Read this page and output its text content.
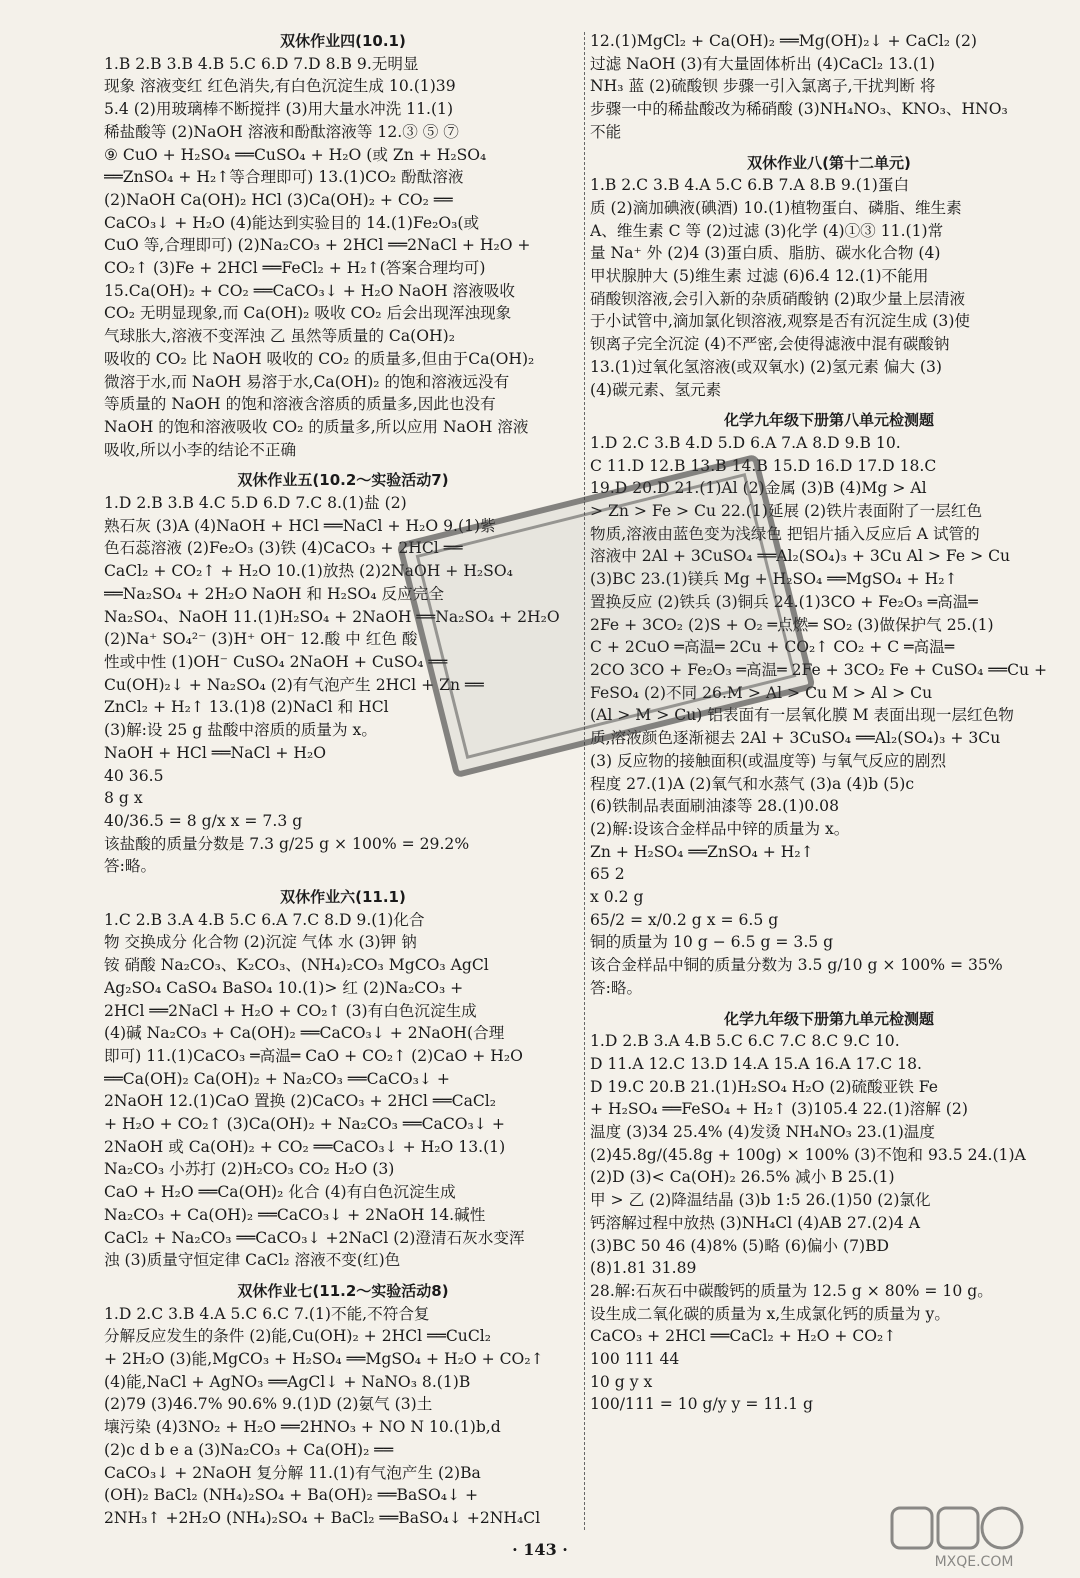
双休作业四(10.1)
1.B 2.B 3.B 4.B 5.C 6.D 7.D 8.B 9.无明显
现象 溶液变红 红色消失,有白色沉淀生成 10.(1)39
5.4 (2)用玻璃棒不断搅拌 (3)用大量水冲洗 11.(1)
稀盐酸等 (2)NaOH 溶液和酚酞溶液等 12.③ ⑤ ⑦
⑨ CuO + H₂SO₄ ══CuSO₄ + H₂O (或 Zn + H₂SO₄
══ZnSO₄ + H₂↑等合理即可) 13.(1)CO₂ 酚酞溶液
(2)NaOH Ca(OH)₂ HCl (3)Ca(OH)₂ + CO₂ ══
CaCO₃↓ + H₂O (4)能达到实验目的 14.(1)Fe₂O₃(或
CuO 等,合理即可) (2)Na₂CO₃ + 2HCl ══2NaCl + H₂O +
CO₂↑ (3)Fe + 2HCl ══FeCl₂ + H₂↑(答案合理均可)
15.Ca(OH)₂ + CO₂ ══CaCO₃↓ + H₂O NaOH 溶液吸收
CO₂ 无明显现象,而 Ca(OH)₂ 吸收 CO₂ 后会出现浑浊现象
气球胀大,溶液不变浑浊 乙 虽然等质量的 Ca(OH)₂
吸收的 CO₂ 比 NaOH 吸收的 CO₂ 的质量多,但由于Ca(OH)₂
微溶于水,而 NaOH 易溶于水,Ca(OH)₂ 的饱和溶液远没有
等质量的 NaOH 的饱和溶液含溶质的质量多,因此也没有
NaOH 的饱和溶液吸收 CO₂ 的质量多,所以应用 NaOH 溶液
吸收,所以小李的结论不正确
双休作业五(10.2～实验活动7)
1.D 2.B 3.B 4.C 5.D 6.D 7.C 8.(1)盐 (2)
熟石灰 (3)A (4)NaOH + HCl ══NaCl + H₂O 9.(1)紫
色石蕊溶液 (2)Fe₂O₃ (3)铁 (4)CaCO₃ + 2HCl ══
CaCl₂ + CO₂↑ + H₂O 10.(1)放热 (2)2NaOH + H₂SO₄
══Na₂SO₄ + 2H₂O NaOH 和 H₂SO₄ 反应完全
Na₂SO₄、NaOH 11.(1)H₂SO₄ + 2NaOH ══Na₂SO₄ + 2H₂O
(2)Na⁺ SO₄²⁻ (3)H⁺ OH⁻ 12.酸 中 红色 酸
性或中性 (1)OH⁻ CuSO₄ 2NaOH + CuSO₄ ══
Cu(OH)₂↓ + Na₂SO₄ (2)有气泡产生 2HCl + Zn ══
ZnCl₂ + H₂↑ 13.(1)8 (2)NaCl 和 HCl
(3)解:设 25 g 盐酸中溶质的质量为 x。
NaOH + HCl ══NaCl + H₂O
40 36.5
8 g x
40/36.5 = 8 g/x x = 7.3 g
该盐酸的质量分数是 7.3 g/25 g × 100% = 29.2%
答:略。
双休作业六(11.1)
1.C 2.B 3.A 4.B 5.C 6.A 7.C 8.D 9.(1)化合
物 交换成分 化合物 (2)沉淀 气体 水 (3)钾 钠
铵 硝酸 Na₂CO₃、K₂CO₃、(NH₄)₂CO₃ MgCO₃ AgCl
Ag₂SO₄ CaSO₄ BaSO₄ 10.(1)> 红 (2)Na₂CO₃ +
2HCl ══2NaCl + H₂O + CO₂↑ (3)有白色沉淀生成
(4)碱 Na₂CO₃ + Ca(OH)₂ ══CaCO₃↓ + 2NaOH(合理
即可) 11.(1)CaCO₃ ═高温═ CaO + CO₂↑ (2)CaO + H₂O
══Ca(OH)₂ Ca(OH)₂ + Na₂CO₃ ══CaCO₃↓ +
2NaOH 12.(1)CaO 置换 (2)CaCO₃ + 2HCl ══CaCl₂
+ H₂O + CO₂↑ (3)Ca(OH)₂ + Na₂CO₃ ══CaCO₃↓ +
2NaOH 或 Ca(OH)₂ + CO₂ ══CaCO₃↓ + H₂O 13.(1)
Na₂CO₃ 小苏打 (2)H₂CO₃ CO₂ H₂O (3)
CaO + H₂O ══Ca(OH)₂ 化合 (4)有白色沉淀生成
Na₂CO₃ + Ca(OH)₂ ══CaCO₃↓ + 2NaOH 14.碱性
CaCl₂ + Na₂CO₃ ══CaCO₃↓ +2NaCl (2)澄清石灰水变浑
浊 (3)质量守恒定律 CaCl₂ 溶液不变(红)色
双休作业七(11.2～实验活动8)
1.D 2.C 3.B 4.A 5.C 6.C 7.(1)不能,不符合复
分解反应发生的条件 (2)能,Cu(OH)₂ + 2HCl ══CuCl₂
+ 2H₂O (3)能,MgCO₃ + H₂SO₄ ══MgSO₄ + H₂O + CO₂↑
(4)能,NaCl + AgNO₃ ══AgCl↓ + NaNO₃ 8.(1)B
(2)79 (3)46.7% 90.6% 9.(1)D (2)氨气 (3)土
壤污染 (4)3NO₂ + H₂O ══2HNO₃ + NO N 10.(1)b,d
(2)c d b e a (3)Na₂CO₃ + Ca(OH)₂ ══
CaCO₃↓ + 2NaOH 复分解 11.(1)有气泡产生 (2)Ba
(OH)₂ BaCl₂ (NH₄)₂SO₄ + Ba(OH)₂ ══BaSO₄↓ +
2NH₃↑ +2H₂O (NH₄)₂SO₄ + BaCl₂ ══BaSO₄↓ +2NH₄Cl
12.(1)MgCl₂ + Ca(OH)₂ ══Mg(OH)₂↓ + CaCl₂ (2)
过滤 NaOH (3)有大量固体析出 (4)CaCl₂ 13.(1)
NH₃ 蓝 (2)硫酸钡 步骤一引入氯离子,干扰判断 将
步骤一中的稀盐酸改为稀硝酸 (3)NH₄NO₃、KNO₃、HNO₃
不能
双休作业八(第十二单元)
1.B 2.C 3.B 4.A 5.C 6.B 7.A 8.B 9.(1)蛋白
质 (2)滴加碘液(碘酒) 10.(1)植物蛋白、磷脂、维生素
A、维生素 C 等 (2)过滤 (3)化学 (4)①③ 11.(1)常
量 Na⁺ 外 (2)4 (3)蛋白质、脂肪、碳水化合物 (4)
甲状腺肿大 (5)维生素 过滤 (6)6.4 12.(1)不能用
硝酸钡溶液,会引入新的杂质硝酸钠 (2)取少量上层清液
于小试管中,滴加氯化钡溶液,观察是否有沉淀生成 (3)使
钡离子完全沉淀 (4)不严密,会使得滤液中混有碳酸钠
13.(1)过氧化氢溶液(或双氧水) (2)氢元素 偏大 (3)
(4)碳元素、氢元素
化学九年级下册第八单元检测题
1.D 2.C 3.B 4.D 5.D 6.A 7.A 8.D 9.B 10.
C 11.D 12.B 13.B 14.B 15.D 16.D 17.D 18.C
19.D 20.D 21.(1)Al (2)金属 (3)B (4)Mg > Al
> Zn > Fe > Cu 22.(1)延展 (2)铁片表面附了一层红色
物质,溶液由蓝色变为浅绿色 把铝片插入反应后 A 试管的
溶液中 2Al + 3CuSO₄ ══Al₂(SO₄)₃ + 3Cu Al > Fe > Cu
(3)BC 23.(1)镁兵 Mg + H₂SO₄ ══MgSO₄ + H₂↑
置换反应 (2)铁兵 (3)铜兵 24.(1)3CO + Fe₂O₃ ═高温═
2Fe + 3CO₂ (2)S + O₂ ═点燃═ SO₂ (3)做保护气 25.(1)
C + 2CuO ═高温═ 2Cu + CO₂↑ CO₂ + C ═高温═
2CO 3CO + Fe₂O₃ ═高温═ 2Fe + 3CO₂ Fe + CuSO₄ ══Cu +
FeSO₄ (2)不同 26.M > Al > Cu M > Al > Cu
(Al > M > Cu) 铝表面有一层氧化膜 M 表面出现一层红色物
质,溶液颜色逐渐褪去 2Al + 3CuSO₄ ══Al₂(SO₄)₃ + 3Cu
(3) 反应物的接触面积(或温度等) 与氧气反应的剧烈
程度 27.(1)A (2)氧气和水蒸气 (3)a (4)b (5)c
(6)铁制品表面刷油漆等 28.(1)0.08
(2)解:设该合金样品中锌的质量为 x。
Zn + H₂SO₄ ══ZnSO₄ + H₂↑
65 2
x 0.2 g
65/2 = x/0.2 g x = 6.5 g
铜的质量为 10 g − 6.5 g = 3.5 g
该合金样品中铜的质量分数为 3.5 g/10 g × 100% = 35%
答:略。
化学九年级下册第九单元检测题
1.D 2.B 3.A 4.B 5.C 6.C 7.C 8.C 9.C 10.
D 11.A 12.C 13.D 14.A 15.A 16.A 17.C 18.
D 19.C 20.B 21.(1)H₂SO₄ H₂O (2)硫酸亚铁 Fe
+ H₂SO₄ ══FeSO₄ + H₂↑ (3)105.4 22.(1)溶解 (2)
温度 (3)34 25.4% (4)发烫 NH₄NO₃ 23.(1)温度
(2)45.8g/(45.8g + 100g) × 100% (3)不饱和 93.5 24.(1)A
(2)D (3)< Ca(OH)₂ 26.5% 减小 B 25.(1)
甲 > 乙 (2)降温结晶 (3)b 1:5 26.(1)50 (2)氯化
钙溶解过程中放热 (3)NH₄Cl (4)AB 27.(2)4 A
(3)BC 50 46 (4)8% (5)略 (6)偏小 (7)BD
(8)1.81 31.89
28.解:石灰石中碳酸钙的质量为 12.5 g × 80% = 10 g。
设生成二氧化碳的质量为 x,生成氯化钙的质量为 y。
CaCO₃ + 2HCl ══CaCl₂ + H₂O + CO₂↑
100 111 44
10 g y x
100/111 = 10 g/y y = 11.1 g
· 143 ·
MXQE.COM
